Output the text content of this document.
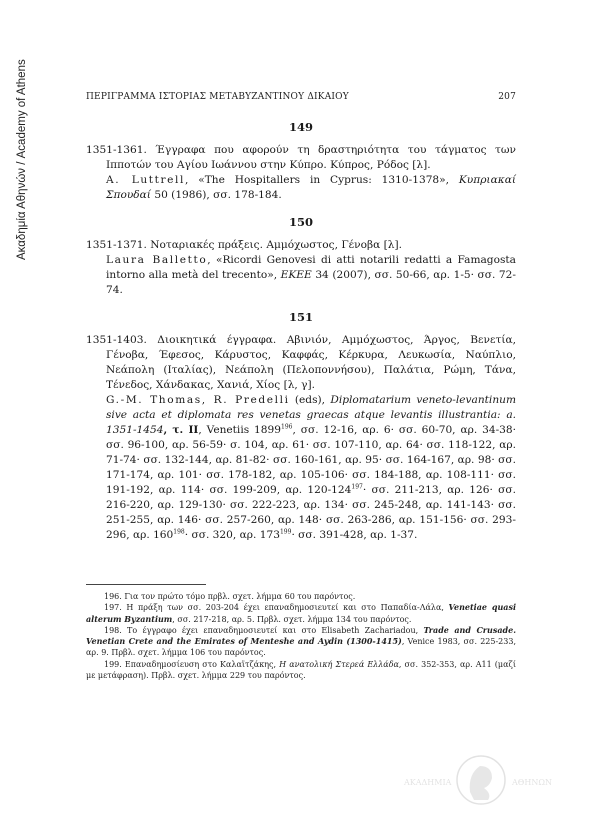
Ακαδημία Αθηνών / Academy of Athens	ΠΕΡΙΓΡΑΜΜΑ ΙΣΤΟΡΙΑΣ ΜΕΤΑΒΥΖΑΝΤΙΝΟΥ ΔΙΚΑΙΟΥ	207
149

1351-1361. Έγγραφα που αφορούν τη δραστηριότητα του τάγματος των Ιπποτών του Αγίου Ιωάννου στην Κύπρο. Κύπρος, Ρόδος [λ].

A. Luttrell, «The Hospitallers in Cyprus: 1310-1378», Κυπριακαί Σπουδαί 50 (1986), σσ. 178-184.

150

1351-1371. Νοταριακές πράξεις. Αμμόχωστος, Γένοβα [λ].

Laura Balletto, «Ricordi Genovesi di atti notarili redatti a Famagosta intorno alla metà del trecento», ΕΚΕΕ 34 (2007), σσ. 50-66, αρ. 1-5· σσ. 72-74.

151

1351-1403. Διοικητικά έγγραφα. Αβινιόν, Αμμόχωστος, Άργος, Βενετία, Γένοβα, Έφεσος, Κάρυστος, Καφφάς, Κέρκυρα, Λευκωσία, Ναύπλιο, Νεάπολη (Ιταλίας), Νεάπολη (Πελοποννήσου), Παλάτια, Ρώμη, Τάνα, Τένεδος, Χάνδακας, Χανιά, Χίος [λ, γ].

G.-M. Thomas, R. Predelli (eds), Diplomatarium veneto-levantinum sive acta et diplomata res venetas graecas atque levantis illustrantia: a. 1351-1454, τ. II, Venetiis 1899$^{196}$, σσ. 12-16, αρ. 6· σσ. 60-70, αρ. 34-38· σσ. 96-100, αρ. 56-59· σ. 104, αρ. 61· σσ. 107-110, αρ. 64· σσ. 118-122, αρ. 71-74· σσ. 132-144, αρ. 81-82· σσ. 160-161, αρ. 95· σσ. 164-167, αρ. 98· σσ. 171-174, αρ. 101· σσ. 178-182, αρ. 105-106· σσ. 184-188, αρ. 108-111· σσ. 191-192, αρ. 114· σσ. 199-209, αρ. $120-124^{197}\cdot \sigma\sigma$. 211-213, αρ. 126· σσ. 216-220, αρ. 129-130· σσ. 222-223, αρ. 134· σσ. 245-248, αρ. 141-143· σσ. 251-255, αρ. 146· σσ. 257-260, αρ. 148· σσ. 263-286, αρ. 151-156· σσ. 293-296, αρ. $160^{198}\cdot \sigma\sigma$. 320, αρ. $173^{199}\cdot \sigma\sigma$. 391-428, αρ. 1-37.

196. Για τον πρώτο τόμο πρβλ. σχετ. λήμμα 60 του παρόντος.

197. Η πράξη των σσ. 203-204 έχει επαναδημοσιευτεί και στο Παπαδία-Λάλα, Venetiae quasi alterum Byzantium, σσ. 217-218, αρ. 5. Πρβλ. σχετ. λήμμα 134 του παρόντος.

198. Το έγγραφο έχει επαναδημοσιευτεί και στο Elisabeth Zachariadou, Trade and Crusade. Venetian Crete and the Emirates of Menteshe and Aydin (1300-1415), Venice 1983, σσ. 225-233, αρ. 9. Πρβλ. σχετ. λήμμα 106 του παρόντος.

199. Επαναδημοσίευση στο Καλαϊτζάκης, Η ανατολική Στερεά Ελλάδα, σσ. 352-353, αρ. A11 (μαζί με μετάφραση). Πρβλ. σχετ. λήμμα 229 του παρόντος.

ΑΚΑΔΗΜΙΑ	ΑΘΗΝΩΝ
